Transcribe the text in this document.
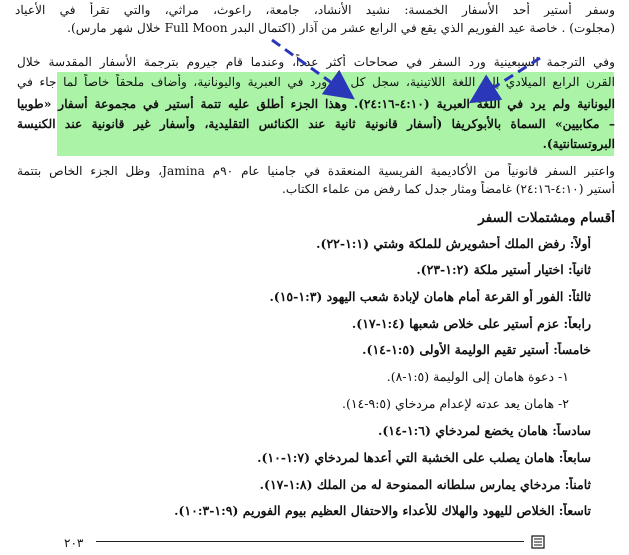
وسفر أستير أحد الأسفار الخمسة: نشيد الأنشاد، جامعة، راعوث، مراثي، والتي تقرأ في الأعياد
(مجلوت) . خاصة عيد الفوريم الذي يقع في الرابع عشر من آذار (اكتمال البدر Full Moon خلال شهر مارس).
وفي الترجمة السبعينية ورد السفر في صحاحات أكثر عدداً، وعندما قام جيروم بترجمة الأسفار المقدسة خلال
القرن الرابع الميلادي إلى اللغة اللاتينية، سجل كل ما ورد في العبرية واليونانية، وأضاف ملحقاً خاصاً لما جاء في
اليونانية ولم يرد في اللغة العبرية (٤:١٠-٢٤:١٦). وهذا الجزء أطلق عليه تتمة أستير في مجموعة أسفار «طوبيا
– مكابيين» السماة بالأبوكريفا (أسفار قانونية ثانية عند الكنائس التقليدية، وأسفار غير قانونية عند الكنيسة
البروتستانتية).
واعتبر السفر قانونياً من الأكاديمية الفريسية المنعقدة في جامنيا عام ٩٠م Jamina، وظل الجزء الخاص بتتمة
أستير (٤:١٠-٢٤:١٦) غامضاً ومثار جدل كما رفض من علماء الكتاب.
أقسام ومشتملات السفر
أولاً: رفض الملك أحشويرش للملكة وشتي (١:١-٢٢).
ثانياً: اختيار أستير ملكة (١:٢-٢٣).
ثالثاً: الفور أو القرعة أمام هامان لإبادة شعب اليهود (١:٣-١٥).
رابعاً: عزم أستير على خلاص شعبها (١:٤-١٧).
خامساً: أستير تقيم الوليمة الأولى (١:٥-١٤).
١- دعوة هامان إلى الوليمة (١:٥-٨).
٢- هامان يعد عدته لإعدام مردخاي (٩:٥-١٤).
سادساً: هامان يخضع لمردخاي (١:٦-١٤).
سابعاً: هامان يصلب على الخشبة التي أعدها لمردخاي (١:٧-١٠).
ثامناً: مردخاي يمارس سلطانه الممنوحة له من الملك (١:٨-١٧).
تاسعاً: الخلاص لليهود والهلاك للأعداء والاحتفال العظيم بيوم الفوريم (١:٩-١٠:٣).
٢٠٣
